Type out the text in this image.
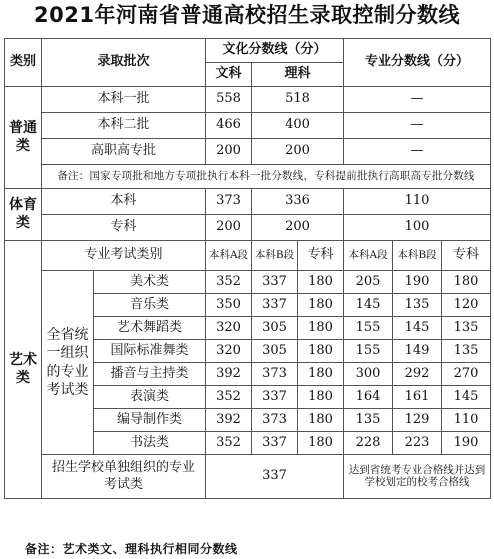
2021年河南省普通高校招生录取控制分数线
类别	录取批次		文化分数线（分）			专业分数线（分）		
			文科	理科				
普通类	本科一批		558	518		—		
	本科二批		466	400		—		
	高职高专批		200	200		—		
	备注：国家专项批和地方专项批执行本科一批分数线，专科提前批执行高职高专批分数线							
体育类	本科		373	336		110		
	专科		200	200		100		
艺术类	专业考试类别		本科A段	本科B段	专科	本科A段	本科B段	专科
	全省统一组织的专业考试类	美术类	352	337	180	205	190	180
		音乐类	350	337	180	145	135	120
		艺术舞蹈类	320	305	180	155	145	135
		国际标准舞类	320	305	180	155	149	135
		播音与主持类	392	373	180	300	292	270
		表演类	352	337	180	164	161	145
		编导制作类	392	373	180	135	129	110
		书法类	352	337	180	228	223	190
	招生学校单独组织的专业考试类		337			达到省统考专业合格线并达到学校划定的校考合格线		
备注：艺术类文、理科执行相同分数线
